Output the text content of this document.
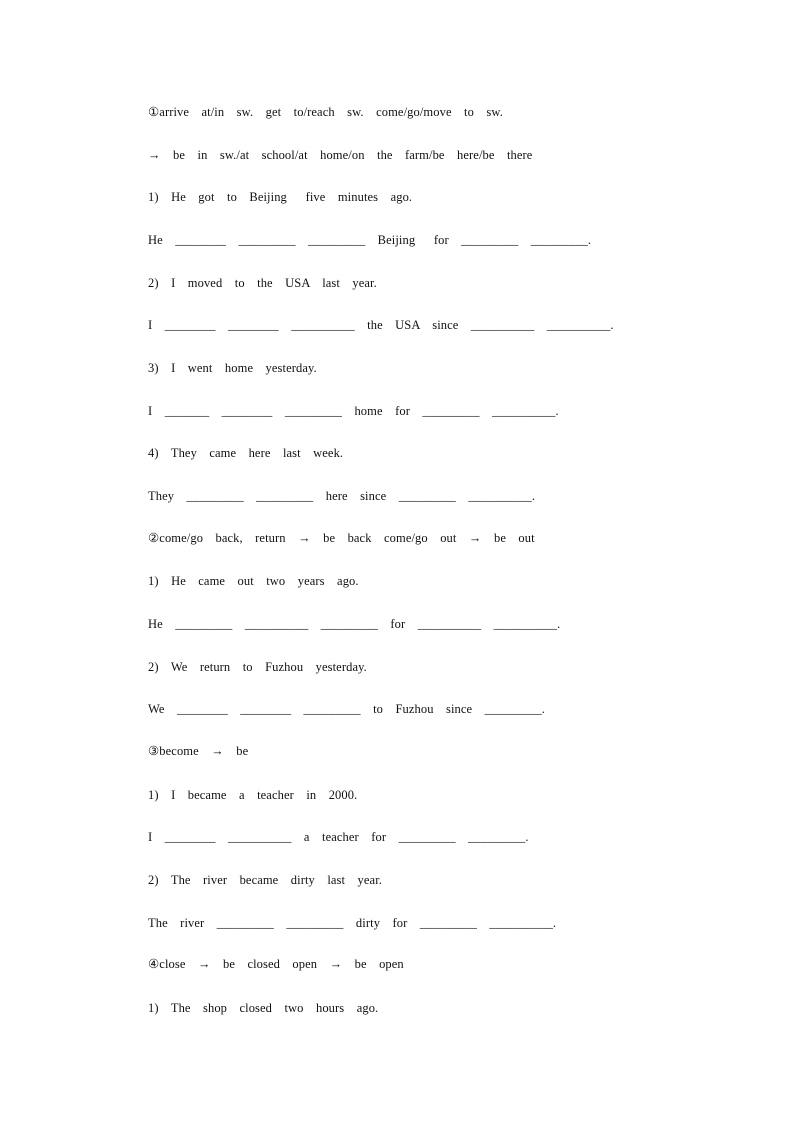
①arrive  at/in  sw.  get  to/reach  sw.  come/go/move  to  sw.
→  be  in  sw./at  school/at  home/on  the  farm/be  here/be  there
1)  He  got  to  Beijing   five  minutes  ago.
He  ________  _________  _________  Beijing   for  _________  _________.
2)  I  moved  to  the  USA  last  year.
I  ________  ________  __________  the  USA  since  __________  __________.
3)  I  went  home  yesterday.
I  _______  ________  _________  home  for  _________  __________.
4)  They  came  here  last  week.
They  _________  _________  here  since  _________  __________.
②come/go  back,  return  →  be  back  come/go  out  →  be  out
1)  He  came  out  two  years  ago.
He  _________  __________  _________  for  __________  __________.
2)  We  return  to  Fuzhou  yesterday.
We  ________  ________  _________  to  Fuzhou  since  _________.
③become  →  be
1)  I  became  a  teacher  in  2000.
I  ________  __________  a  teacher  for  _________  _________.
2)  The  river  became  dirty  last  year.
The  river  _________  _________  dirty  for  _________  __________.
④close  →  be  closed  open  →  be  open
1)  The  shop  closed  two  hours  ago.
